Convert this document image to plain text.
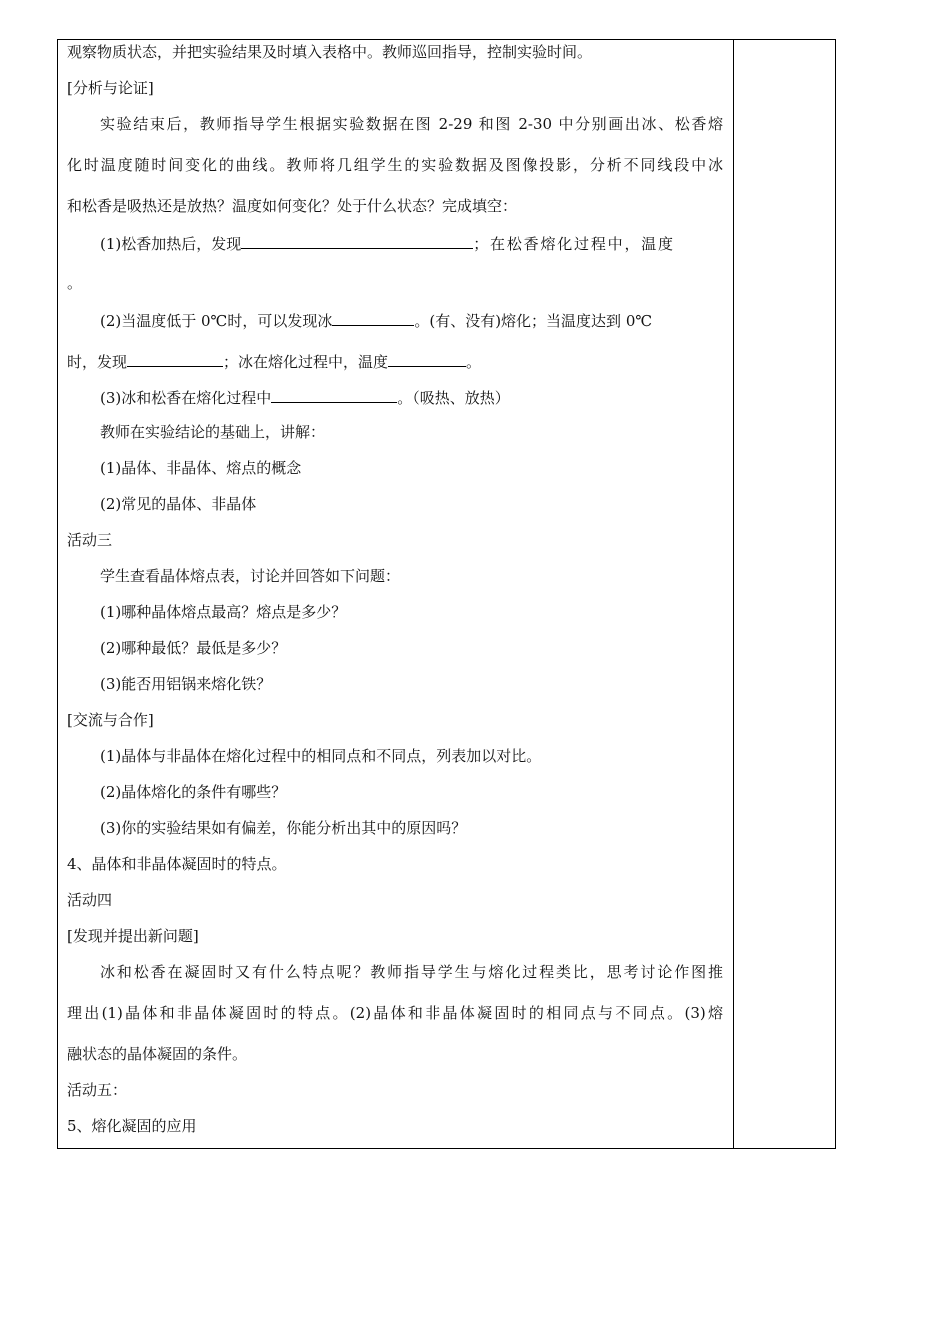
观察物质状态，并把实验结果及时填入表格中。教师巡回指导，控制实验时间。
[分析与论证]
实验结束后，教师指导学生根据实验数据在图 2-29 和图 2-30 中分别画出冰、松香熔
化时温度随时间变化的曲线。教师将几组学生的实验数据及图像投影，分析不同线段中冰
和松香是吸热还是放热？温度如何变化？处于什么状态？完成填空：
(1)松香加热后，发现	；在松香熔化过程中，温度
。
(2)当温度低于 0℃时，可以发现冰	。(有、没有)熔化；当温度达到 0℃
时，发现	；冰在熔化过程中，温度	。
(3)冰和松香在熔化过程中	。（吸热、放热）
教师在实验结论的基础上，讲解：
(1)晶体、非晶体、熔点的概念
(2)常见的晶体、非晶体
活动三
学生查看晶体熔点表，讨论并回答如下问题：
(1)哪种晶体熔点最高？熔点是多少？
(2)哪种最低？最低是多少？
(3)能否用铝锅来熔化铁？
[交流与合作]
(1)晶体与非晶体在熔化过程中的相同点和不同点，列表加以对比。
(2)晶体熔化的条件有哪些？
(3)你的实验结果如有偏差，你能分析出其中的原因吗？
4、晶体和非晶体凝固时的特点。
活动四
[发现并提出新问题]
冰和松香在凝固时又有什么特点呢？教师指导学生与熔化过程类比，思考讨论作图推
理出(1)晶体和非晶体凝固时的特点。(2)晶体和非晶体凝固时的相同点与不同点。(3)熔
融状态的晶体凝固的条件。
活动五：
5、熔化凝固的应用
